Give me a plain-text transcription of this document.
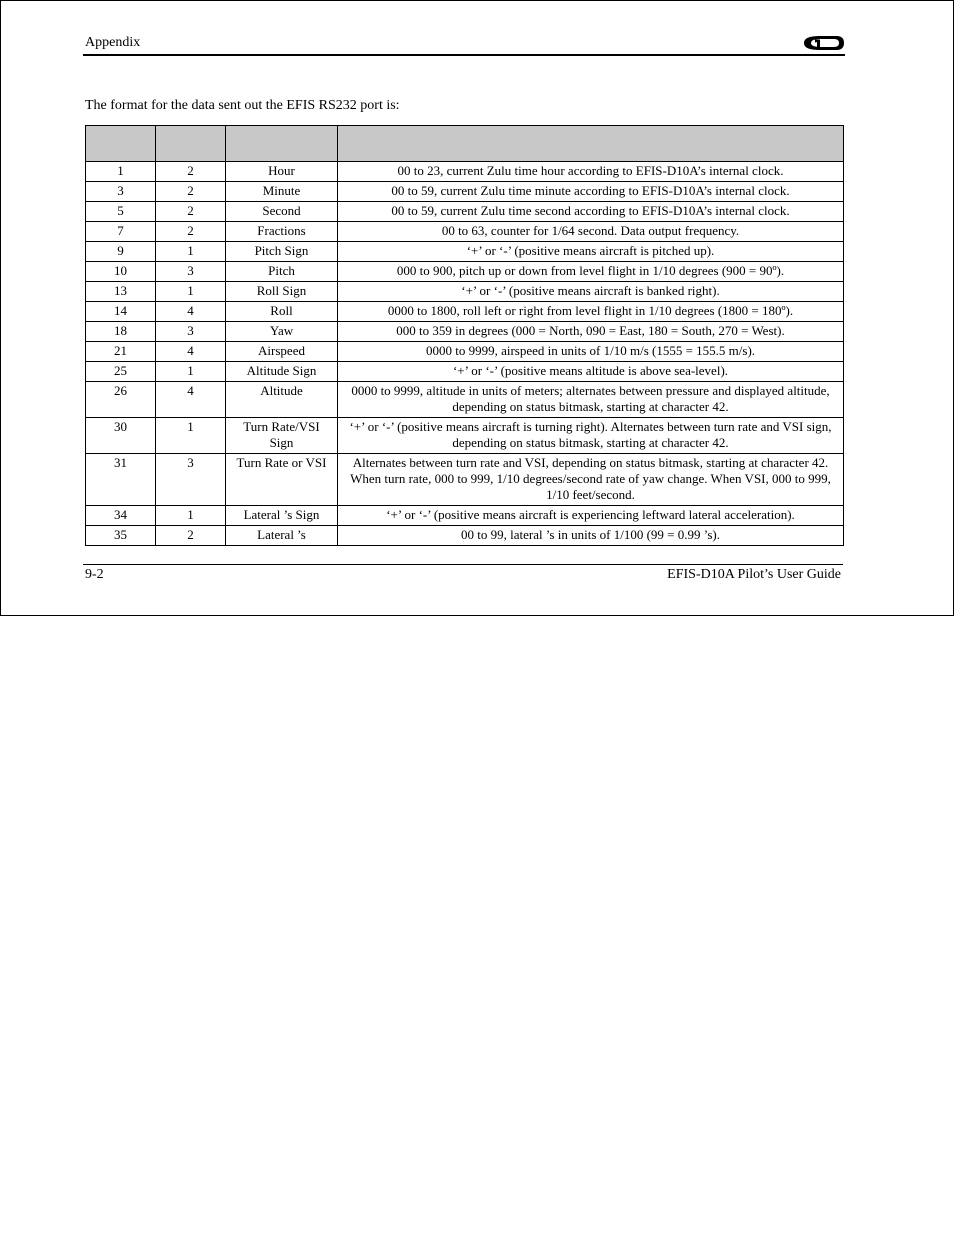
Appendix
The format for the data sent out the EFIS RS232 port is:

1	2	Hour	00 to 23, current Zulu time hour according to EFIS-D10A’s internal clock.
3	2	Minute	00 to 59, current Zulu time minute according to EFIS-D10A’s internal clock.
5	2	Second	00 to 59, current Zulu time second according to EFIS-D10A’s internal clock.
7	2	Fractions	00 to 63, counter for 1/64 second. Data output frequency.
9	1	Pitch Sign	‘+’ or ‘-’ (positive means aircraft is pitched up).
10	3	Pitch	000 to 900, pitch up or down from level flight in 1/10 degrees (900 = 90º).
13	1	Roll Sign	‘+’ or ‘-’ (positive means aircraft is banked right).
14	4	Roll	0000 to 1800, roll left or right from level flight in 1/10 degrees (1800 = 180º).
18	3	Yaw	000 to 359 in degrees (000 = North, 090 = East, 180 = South, 270 = West).
21	4	Airspeed	0000 to 9999, airspeed in units of 1/10 m/s (1555 = 155.5 m/s).
25	1	Altitude Sign	‘+’ or ‘-’ (positive means altitude is above sea-level).
26	4	Altitude	0000 to 9999, altitude in units of meters; alternates between pressure and displayed altitude, depending on status bitmask, starting at character 42.
30	1	Turn Rate/VSI Sign	‘+’ or ‘-’ (positive means aircraft is turning right). Alternates between turn rate and VSI sign, depending on status bitmask, starting at character 42.
31	3	Turn Rate or VSI	Alternates between turn rate and VSI, depending on status bitmask, starting at character 42. When turn rate, 000 to 999, 1/10 degrees/second rate of yaw change. When VSI, 000 to 999, 1/10 feet/second.
34	1	Lateral ’s Sign	‘+’ or ‘-’ (positive means aircraft is experiencing leftward lateral acceleration).
35	2	Lateral ’s	00 to 99, lateral ’s in units of 1/100 (99 = 0.99 ’s).
9-2	EFIS-D10A Pilot’s User Guide
